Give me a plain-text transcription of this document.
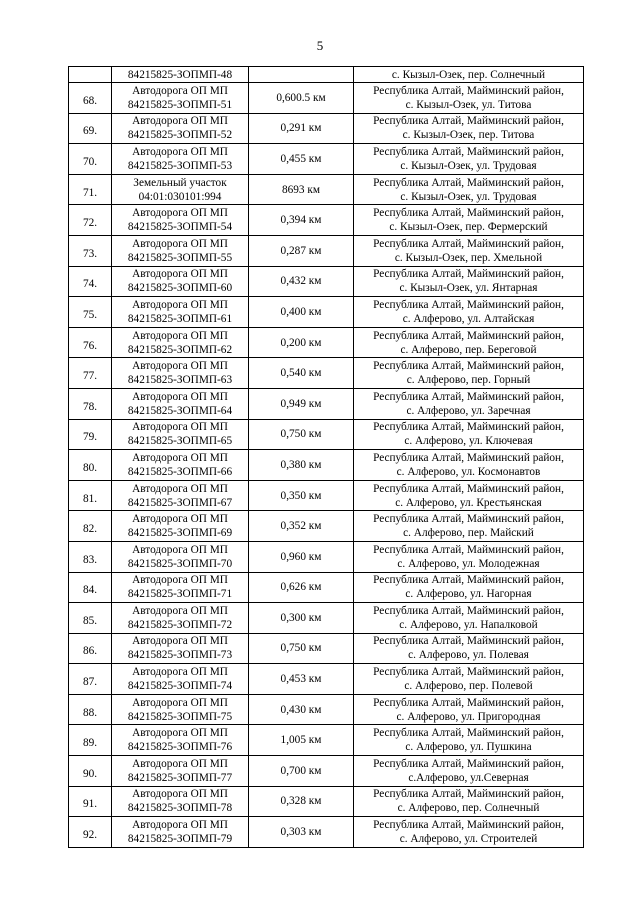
5

	84215825-ЗОПМП-48		с. Кызыл-Озек, пер. Солнечный

68.	Автодорога ОП МП
84215825-ЗОПМП-51	0,600.5 км	Республика Алтай, Майминский район,
с. Кызыл-Озек, ул. Титова

69.	Автодорога ОП МП
84215825-ЗОПМП-52	0,291 км	Республика Алтай, Майминский район,
с. Кызыл-Озек, пер. Титова

70.	Автодорога ОП МП
84215825-ЗОПМП-53	0,455 км	Республика Алтай, Майминский район,
с. Кызыл-Озек, ул. Трудовая

71.	Земельный участок
04:01:030101:994	8693 км	Республика Алтай, Майминский район,
с. Кызыл-Озек, ул. Трудовая

72.	Автодорога ОП МП
84215825-ЗОПМП-54	0,394 км	Республика Алтай, Майминский район,
с. Кызыл-Озек, пер. Фермерский

73.	Автодорога ОП МП
84215825-ЗОПМП-55	0,287 км	Республика Алтай, Майминский район,
с. Кызыл-Озек, пер. Хмельной

74.	Автодорога ОП МП
84215825-ЗОПМП-60	0,432 км	Республика Алтай, Майминский район,
с. Кызыл-Озек, ул. Янтарная

75.	Автодорога ОП МП
84215825-ЗОПМП-61	0,400 км	Республика Алтай, Майминский район,
с. Алферово, ул. Алтайская

76.	Автодорога ОП МП
84215825-ЗОПМП-62	0,200 км	Республика Алтай, Майминский район,
с. Алферово, пер. Береговой

77.	Автодорога ОП МП
84215825-ЗОПМП-63	0,540 км	Республика Алтай, Майминский район,
с. Алферово, пер. Горный

78.	Автодорога ОП МП
84215825-ЗОПМП-64	0,949 км	Республика Алтай, Майминский район,
с. Алферово, ул. Заречная

79.	Автодорога ОП МП
84215825-ЗОПМП-65	0,750 км	Республика Алтай, Майминский район,
с. Алферово, ул. Ключевая

80.	Автодорога ОП МП
84215825-ЗОПМП-66	0,380 км	Республика Алтай, Майминский район,
с. Алферово, ул. Космонавтов

81.	Автодорога ОП МП
84215825-ЗОПМП-67	0,350 км	Республика Алтай, Майминский район,
с. Алферово, ул. Крестьянская

82.	Автодорога ОП МП
84215825-ЗОПМП-69	0,352 км	Республика Алтай, Майминский район,
с. Алферово, пер. Майский

83.	Автодорога ОП МП
84215825-ЗОПМП-70	0,960 км	Республика Алтай, Майминский район,
с. Алферово, ул. Молодежная

84.	Автодорога ОП МП
84215825-ЗОПМП-71	0,626 км	Республика Алтай, Майминский район,
с. Алферово, ул. Нагорная

85.	Автодорога ОП МП
84215825-ЗОПМП-72	0,300 км	Республика Алтай, Майминский район,
с. Алферово, ул. Напалковой

86.	Автодорога ОП МП
84215825-ЗОПМП-73	0,750 км	Республика Алтай, Майминский район,
с. Алферово, ул. Полевая

87.	Автодорога ОП МП
84215825-ЗОПМП-74	0,453 км	Республика Алтай, Майминский район,
с. Алферово, пер. Полевой

88.	Автодорога ОП МП
84215825-ЗОПМП-75	0,430 км	Республика Алтай, Майминский район,
с. Алферово, ул. Пригородная

89.	Автодорога ОП МП
84215825-ЗОПМП-76	1,005 км	Республика Алтай, Майминский район,
с. Алферово, ул. Пушкина

90.	Автодорога ОП МП
84215825-ЗОПМП-77	0,700 км	Республика Алтай, Майминский район,
с.Алферово, ул.Северная

91.	Автодорога ОП МП
84215825-ЗОПМП-78	0,328 км	Республика Алтай, Майминский район,
с. Алферово, пер. Солнечный

92.	Автодорога ОП МП
84215825-ЗОПМП-79	0,303 км	Республика Алтай, Майминский район,
с. Алферово, ул. Строителей
